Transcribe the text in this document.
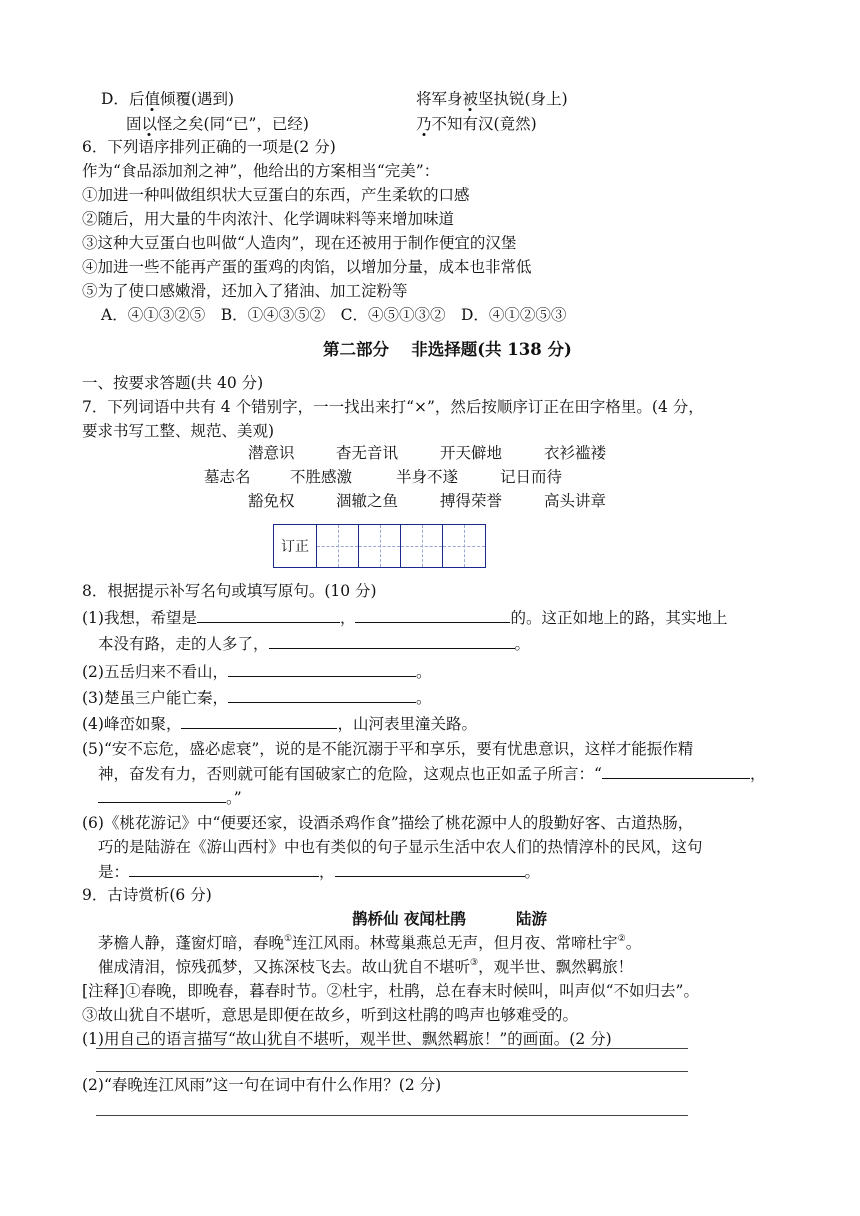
D．后值倾覆(遇到)	将军身被坚执锐(身上)
固以怪之矣(同“已”，已经)	乃不知有汉(竟然)
6．下列语序排列正确的一项是(2 分)
作为“食品添加剂之神”，他给出的方案相当“完美”：
①加进一种叫做组织状大豆蛋白的东西，产生柔软的口感
②随后，用大量的牛肉浓汁、化学调味料等来增加味道
③这种大豆蛋白也叫做“人造肉”，现在还被用于制作便宜的汉堡
④加进一些不能再产蛋的蛋鸡的肉馅，以增加分量，成本也非常低
⑤为了使口感嫩滑，还加入了猪油、加工淀粉等
A．④①③②⑤　B．①④③⑤②　C．④⑤①③②　D．④①②⑤③
第二部分　 非选择题(共 138 分)
一、按要求答题(共 40 分)
7．下列词语中共有 4 个错别字，一一找出来打“×”，然后按顺序订正在田字格里。(4 分，
要求书写工整、规范、美观)
潜意识	杳无音讯	开天僻地	衣衫褴褛
墓志名	不胜感激	半身不遂	记日而待
豁免权	涸辙之鱼	搏得荣誉	高头讲章
订正
8．根据提示补写名句或填写原句。(10 分)
(1)我想，希望是	，	的。这正如地上的路，其实地上
本没有路，走的人多了，	。
(2)五岳归来不看山，	。
(3)楚虽三户能亡秦，	。
(4)峰峦如聚，	，山河表里潼关路。
(5)“安不忘危，盛必虑衰”，说的是不能沉溺于平和享乐，要有忧患意识，这样才能振作精
神，奋发有力，否则就可能有国破家亡的危险，这观点也正如孟子所言：“	，
。”
(6)《桃花游记》中“便要还家，设酒杀鸡作食”描绘了桃花源中人的殷勤好客、古道热肠，
巧的是陆游在《游山西村》中也有类似的句子显示生活中农人们的热情淳朴的民风，这句
是：	，	。
9．古诗赏析(6 分)
鹊桥仙 夜闻杜鹃	陆游
茅檐人静，蓬窗灯暗，春晚①连江风雨。林莺巢燕总无声，但月夜、常啼杜宇②。
催成清泪，惊残孤梦，又拣深枝飞去。故山犹自不堪听③，观半世、飘然羁旅！
[注释]①春晚，即晚春，暮春时节。②杜宇，杜鹃，总在春末时候叫，叫声似“不如归去”。
③故山犹自不堪听，意思是即便在故乡，听到这杜鹃的鸣声也够难受的。
(1)用自己的语言描写“故山犹自不堪听，观半世、飘然羁旅！”的画面。(2 分)
(2)“春晚连江风雨”这一句在词中有什么作用？(2 分)
